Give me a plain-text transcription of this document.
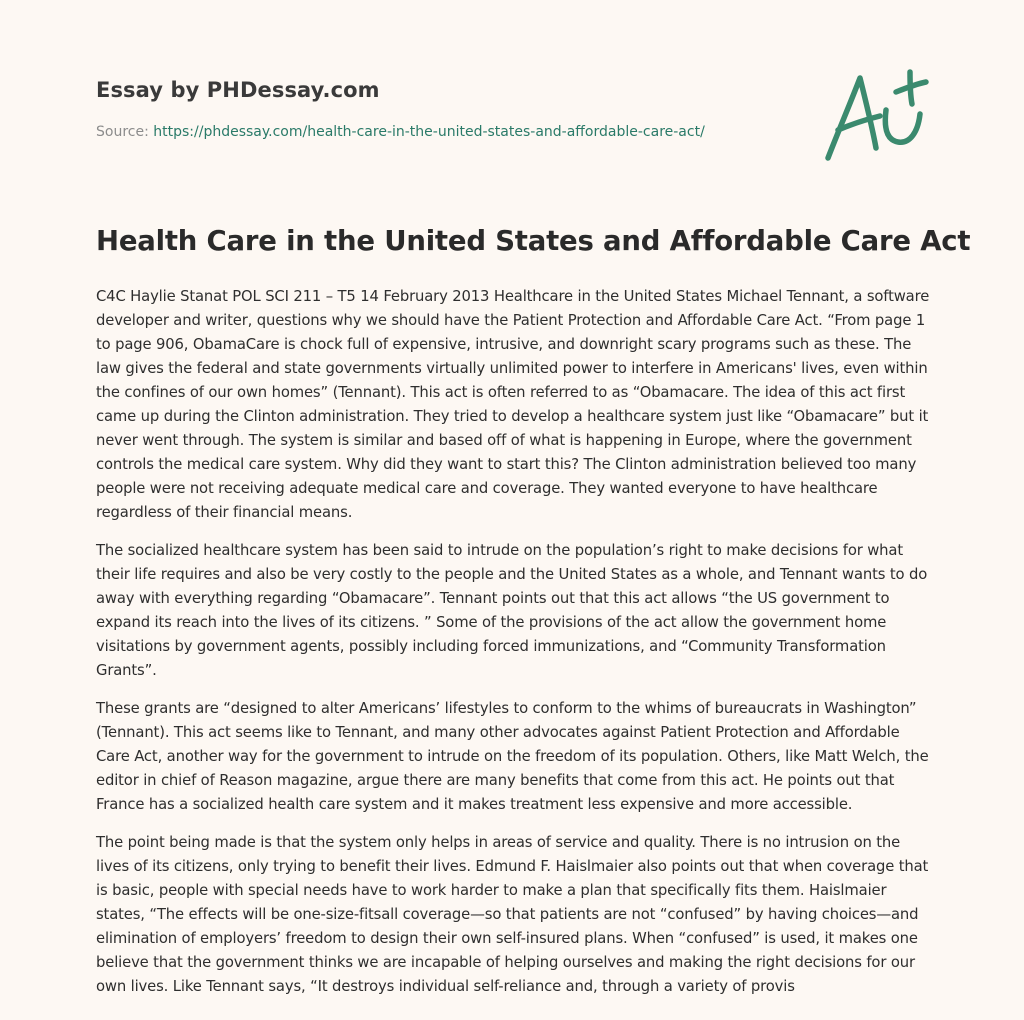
Essay by PHDessay.com
Source: https://phdessay.com/health-care-in-the-united-states-and-affordable-care-act/
Health Care in the United States and Affordable Care Act

C4C Haylie Stanat POL SCI 211 – T5 14 February 2013 Healthcare in the United States Michael Tennant, a software developer and writer, questions why we should have the Patient Protection and Affordable Care Act. “From page 1 to page 906, ObamaCare is chock full of expensive, intrusive, and downright scary programs such as these. The law gives the federal and state governments virtually unlimited power to interfere in Americans' lives, even within the confines of our own homes” (Tennant). This act is often referred to as “Obamacare. The idea of this act first came up during the Clinton administration. They tried to develop a healthcare system just like “Obamacare” but it never went through. The system is similar and based off of what is happening in Europe, where the government controls the medical care system. Why did they want to start this? The Clinton administration believed too many people were not receiving adequate medical care and coverage. They wanted everyone to have healthcare regardless of their financial means.

The socialized healthcare system has been said to intrude on the population’s right to make decisions for what their life requires and also be very costly to the people and the United States as a whole, and Tennant wants to do away with everything regarding “Obamacare”. Tennant points out that this act allows “the US government to expand its reach into the lives of its citizens. ” Some of the provisions of the act allow the government home visitations by government agents, possibly including forced immunizations, and “Community Transformation Grants”.

These grants are “designed to alter Americans’ lifestyles to conform to the whims of bureaucrats in Washington” (Tennant). This act seems like to Tennant, and many other advocates against Patient Protection and Affordable Care Act, another way for the government to intrude on the freedom of its population. Others, like Matt Welch, the editor in chief of Reason magazine, argue there are many benefits that come from this act. He points out that France has a socialized health care system and it makes treatment less expensive and more accessible.

The point being made is that the system only helps in areas of service and quality. There is no intrusion on the lives of its citizens, only trying to benefit their lives. Edmund F. Haislmaier also points out that when coverage that is basic, people with special needs have to work harder to make a plan that specifically fits them. Haislmaier states, “The effects will be one-size-fitsall coverage—so that patients are not “confused” by having choices—and elimination of employers’ freedom to design their own self-insured plans. When “confused” is used, it makes one believe that the government thinks we are incapable of helping ourselves and making the right decisions for our own lives. Like Tennant says, “It destroys individual self-reliance and, through a variety of provis
